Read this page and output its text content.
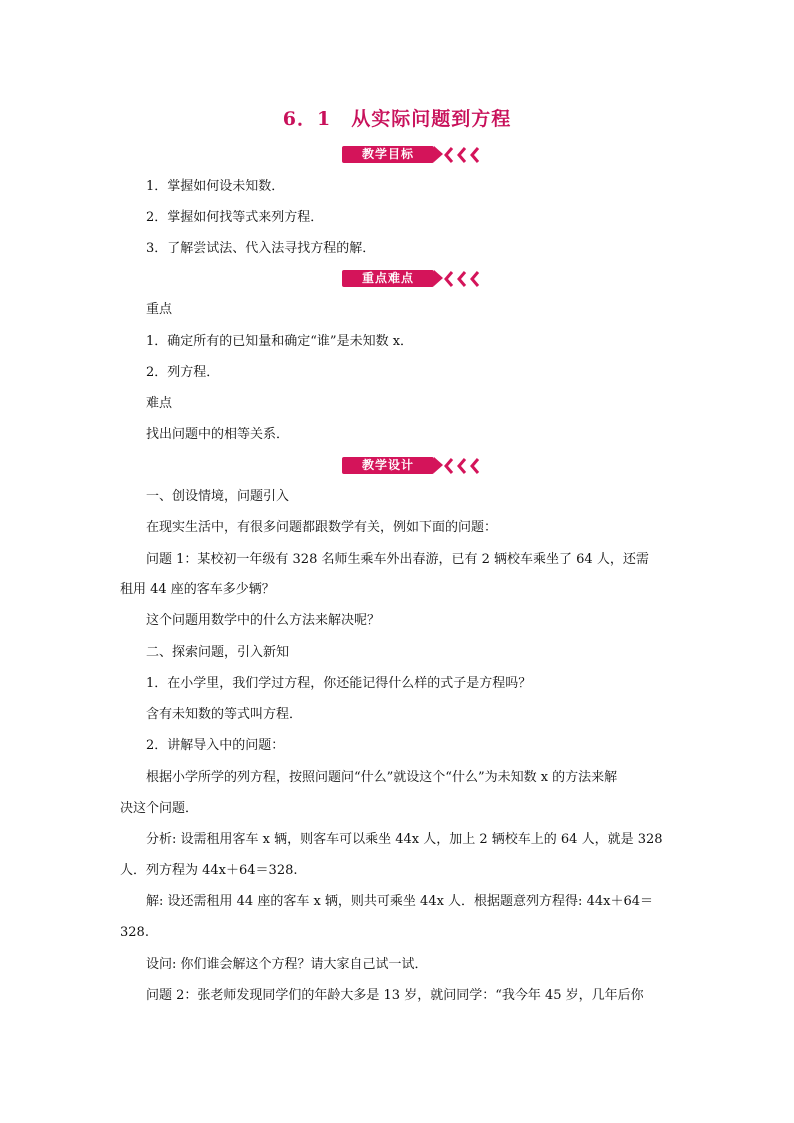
6．1　从实际问题到方程
教学目标
1．掌握如何设未知数．
2．掌握如何找等式来列方程．
3．了解尝试法、代入法寻找方程的解．
重点难点
重点
1．确定所有的已知量和确定“谁”是未知数 x．
2．列方程．
难点
找出问题中的相等关系．
教学设计
一、创设情境，问题引入
在现实生活中，有很多问题都跟数学有关，例如下面的问题：
问题 1：某校初一年级有 328 名师生乘车外出春游，已有 2 辆校车乘坐了 64 人，还需
租用 44 座的客车多少辆？
这个问题用数学中的什么方法来解决呢？
二、探索问题，引入新知
1．在小学里，我们学过方程，你还能记得什么样的式子是方程吗？
含有未知数的等式叫方程．
2．讲解导入中的问题：
根据小学所学的列方程，按照问题问“什么”就设这个“什么”为未知数 x 的方法来解
决这个问题．
分析: 设需租用客车 x 辆，则客车可以乘坐 44x 人，加上 2 辆校车上的 64 人，就是 328
人．列方程为 44x＋64＝328.
解: 设还需租用 44 座的客车 x 辆，则共可乘坐 44x 人．根据题意列方程得: 44x＋64＝
328.
设问: 你们谁会解这个方程？请大家自己试一试．
问题 2：张老师发现同学们的年龄大多是 13 岁，就问同学：“我今年 45 岁，几年后你
